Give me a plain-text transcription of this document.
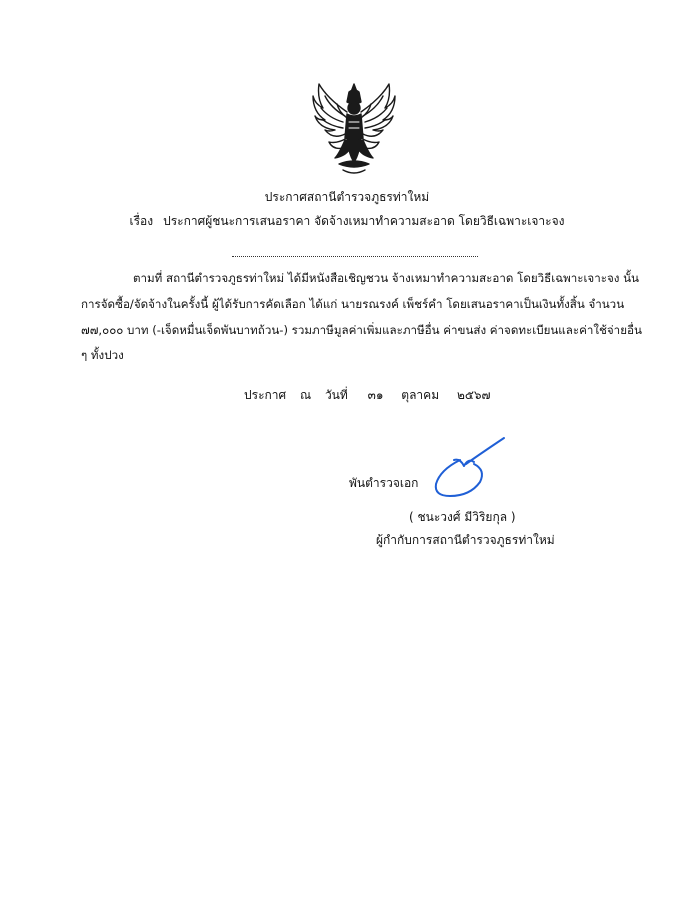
ประกาศสถานีตำรวจภูธรท่าใหม่
เรื่อง ประกาศผู้ชนะการเสนอราคา จัดจ้างเหมาทำความสะอาด โดยวิธีเฉพาะเจาะจง
ตามที่ สถานีตำรวจภูธรท่าใหม่ ได้มีหนังสือเชิญชวน จ้างเหมาทำความสะอาด โดยวิธีเฉพาะเจาะจง นั้น
การจัดซื้อ/จัดจ้างในครั้งนี้ ผู้ได้รับการคัดเลือก ได้แก่ นายรณรงค์ เพ็ชร์คำ โดยเสนอราคาเป็นเงินทั้งสิ้น จำนวน
๗๗,๐๐๐ บาท (-เจ็ดหมื่นเจ็ดพันบาทถ้วน-) รวมภาษีมูลค่าเพิ่มและภาษีอื่น ค่าขนส่ง ค่าจดทะเบียนและค่าใช้จ่ายอื่น
ๆ ทั้งปวง
ประกาศ ณ วันที่ ๓๑ ตุลาคม ๒๕๖๗
พันตำรวจเอก
( ชนะวงศ์ มีวิริยกุล )
ผู้กำกับการสถานีตำรวจภูธรท่าใหม่
